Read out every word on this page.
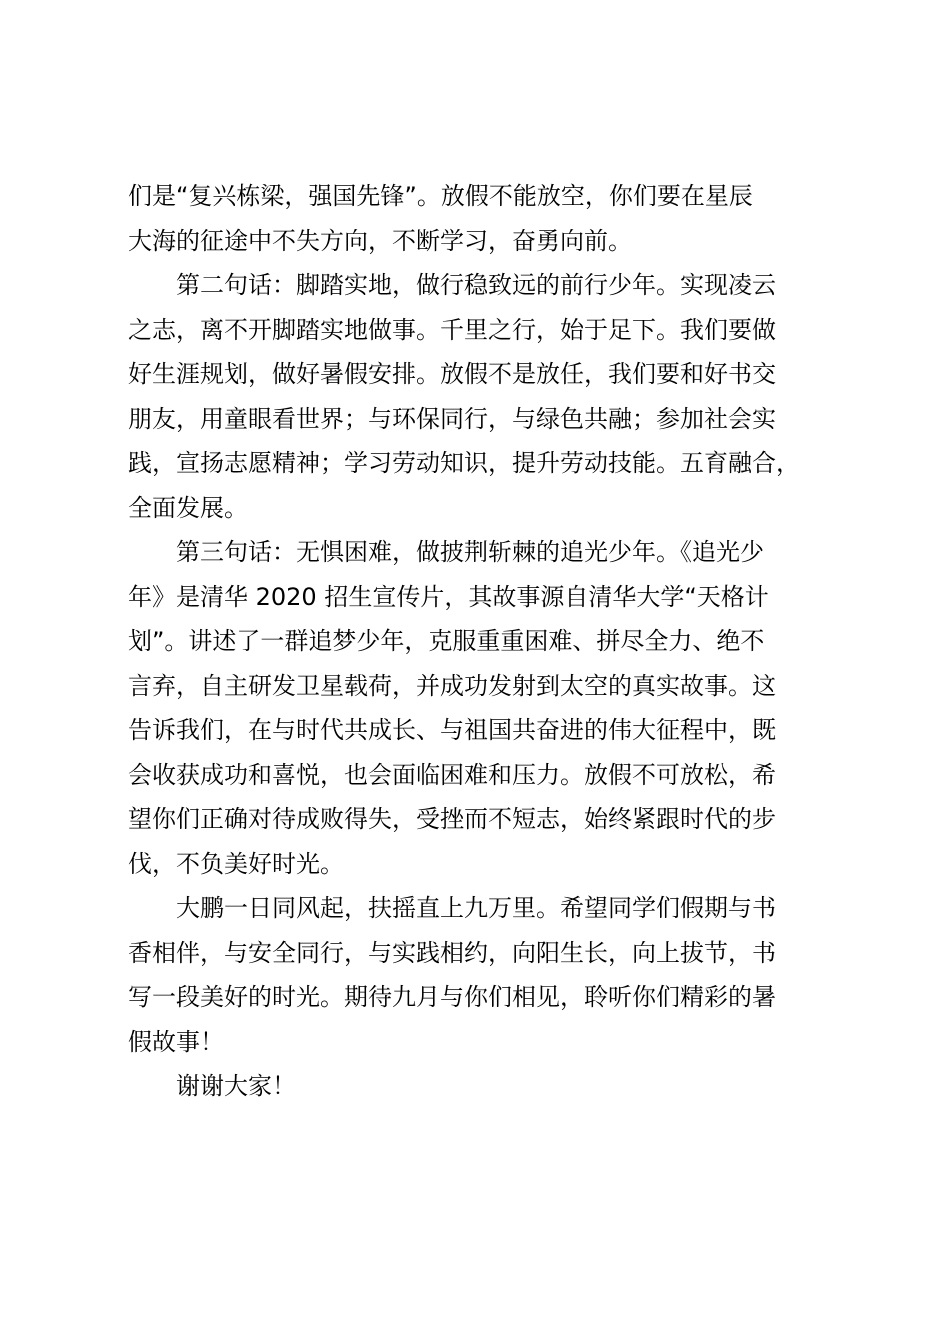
们是“复兴栋梁，强国先锋”。放假不能放空，你们要在星辰
大海的征途中不失方向，不断学习，奋勇向前。
第二句话：脚踏实地，做行稳致远的前行少年。实现凌云
之志，离不开脚踏实地做事。千里之行，始于足下。我们要做
好生涯规划，做好暑假安排。放假不是放任，我们要和好书交
朋友，用童眼看世界；与环保同行，与绿色共融；参加社会实
践，宣扬志愿精神；学习劳动知识，提升劳动技能。五育融合，
全面发展。
第三句话：无惧困难，做披荆斩棘的追光少年。《追光少
年》是清华 2020 招生宣传片，其故事源自清华大学“天格计
划”。讲述了一群追梦少年，克服重重困难、拼尽全力、绝不
言弃，自主研发卫星载荷，并成功发射到太空的真实故事。这
告诉我们，在与时代共成长、与祖国共奋进的伟大征程中，既
会收获成功和喜悦，也会面临困难和压力。放假不可放松，希
望你们正确对待成败得失，受挫而不短志，始终紧跟时代的步
伐，不负美好时光。
大鹏一日同风起，扶摇直上九万里。希望同学们假期与书
香相伴，与安全同行，与实践相约，向阳生长，向上拔节，书
写一段美好的时光。期待九月与你们相见，聆听你们精彩的暑
假故事！
谢谢大家！
